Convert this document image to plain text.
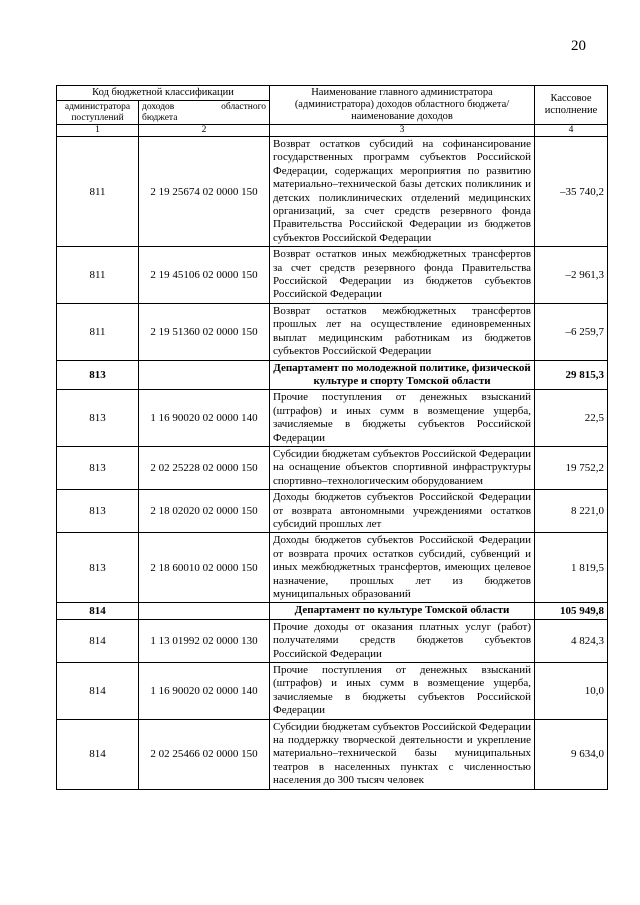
20
Код бюджетной классификации		Наименование главного администратора (администратора) доходов областного бюджета/ наименование доходов	Кассовое исполнение
администратора поступлений	доходов областного
бюджета		

1	2	3	4
811	2 19 25674 02 0000 150	Возврат остатков субсидий на софинансирование государственных программ субъектов Российской Федерации, содержащих мероприятия по развитию материально–технической базы детских поликлиник и детских поликлинических отделений медицинских организаций, за счет средств резервного фонда Правительства Российской Федерации из бюджетов субъектов Российской Федерации	–35 740,2
811	2 19 45106 02 0000 150	Возврат остатков иных межбюджетных трансфертов за счет средств резервного фонда Правительства Российской Федерации из бюджетов субъектов Российской Федерации	–2 961,3
811	2 19 51360 02 0000 150	Возврат остатков межбюджетных трансфертов прошлых лет на осуществление единовременных выплат медицинским работникам из бюджетов субъектов Российской Федерации	–6 259,7
813		Департамент по молодежной политике, физической культуре и спорту Томской области	29 815,3
813	1 16 90020 02 0000 140	Прочие поступления от денежных взысканий (штрафов) и иных сумм в возмещение ущерба, зачисляемые в бюджеты субъектов Российской Федерации	22,5
813	2 02 25228 02 0000 150	Субсидии бюджетам субъектов Российской Федерации на оснащение объектов спортивной инфраструктуры спортивно–технологическим оборудованием	19 752,2
813	2 18 02020 02 0000 150	Доходы бюджетов субъектов Российской Федерации от возврата автономными учреждениями остатков субсидий прошлых лет	8 221,0
813	2 18 60010 02 0000 150	Доходы бюджетов субъектов Российской Федерации от возврата прочих остатков субсидий, субвенций и иных межбюджетных трансфертов, имеющих целевое назначение, прошлых лет из бюджетов муниципальных образований	1 819,5
814		Департамент по культуре Томской области	105 949,8
814	1 13 01992 02 0000 130	Прочие доходы от оказания платных услуг (работ) получателями средств бюджетов субъектов Российской Федерации	4 824,3
814	1 16 90020 02 0000 140	Прочие поступления от денежных взысканий (штрафов) и иных сумм в возмещение ущерба, зачисляемые в бюджеты субъектов Российской Федерации	10,0
814	2 02 25466 02 0000 150	Субсидии бюджетам субъектов Российской Федерации на поддержку творческой деятельности и укрепление материально–технической базы муниципальных театров в населенных пунктах с численностью населения до 300 тысяч человек	9 634,0
